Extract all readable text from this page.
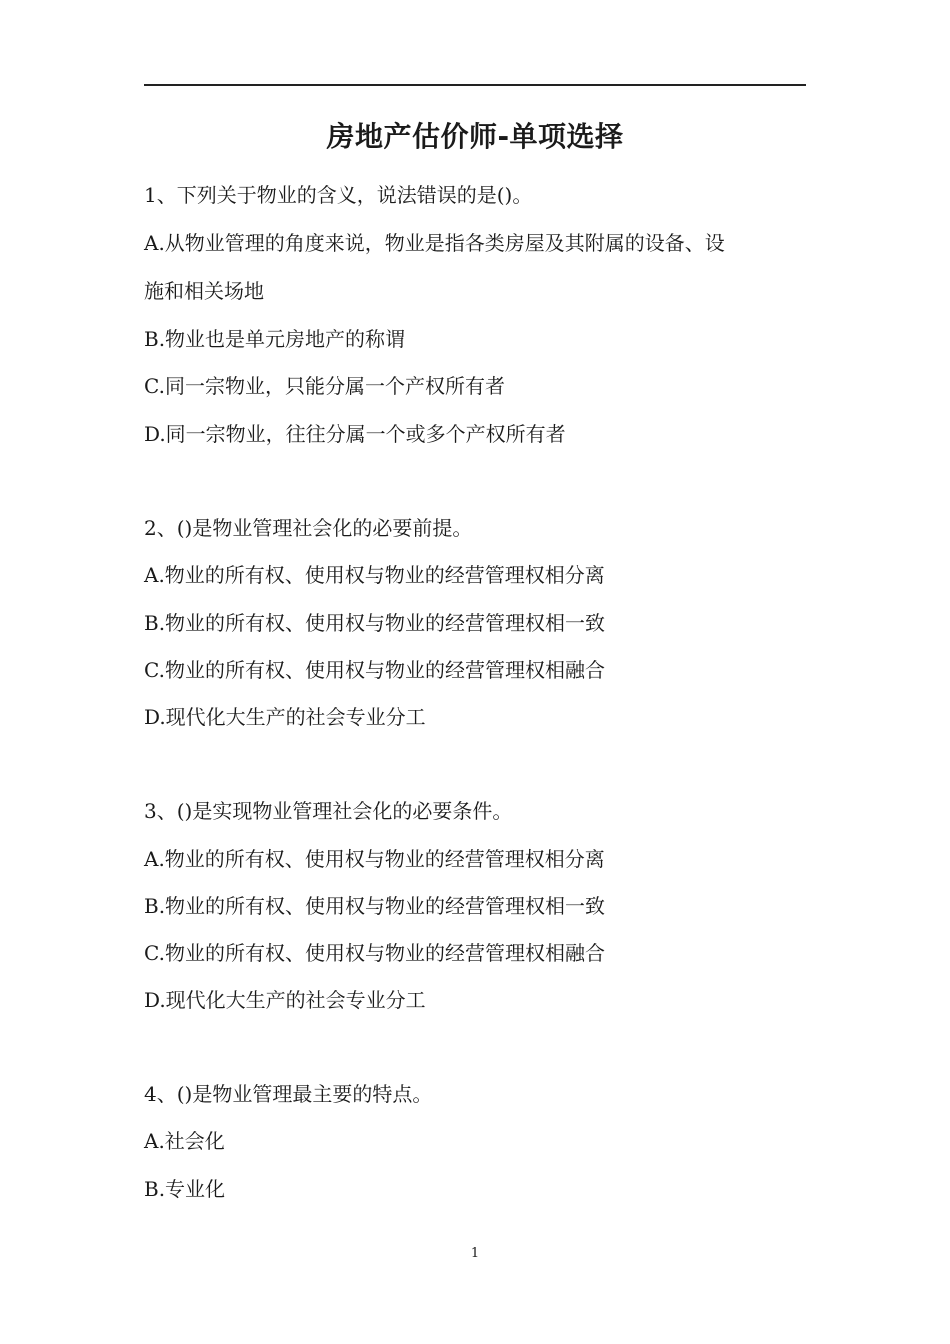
房地产估价师-单项选择
1、下列关于物业的含义，说法错误的是()。
A.从物业管理的角度来说，物业是指各类房屋及其附属的设备、设
施和相关场地
B.物业也是单元房地产的称谓
C.同一宗物业，只能分属一个产权所有者
D.同一宗物业，往往分属一个或多个产权所有者
2、()是物业管理社会化的必要前提。
A.物业的所有权、使用权与物业的经营管理权相分离
B.物业的所有权、使用权与物业的经营管理权相一致
C.物业的所有权、使用权与物业的经营管理权相融合
D.现代化大生产的社会专业分工
3、()是实现物业管理社会化的必要条件。
A.物业的所有权、使用权与物业的经营管理权相分离
B.物业的所有权、使用权与物业的经营管理权相一致
C.物业的所有权、使用权与物业的经营管理权相融合
D.现代化大生产的社会专业分工
4、()是物业管理最主要的特点。
A.社会化
B.专业化
1
